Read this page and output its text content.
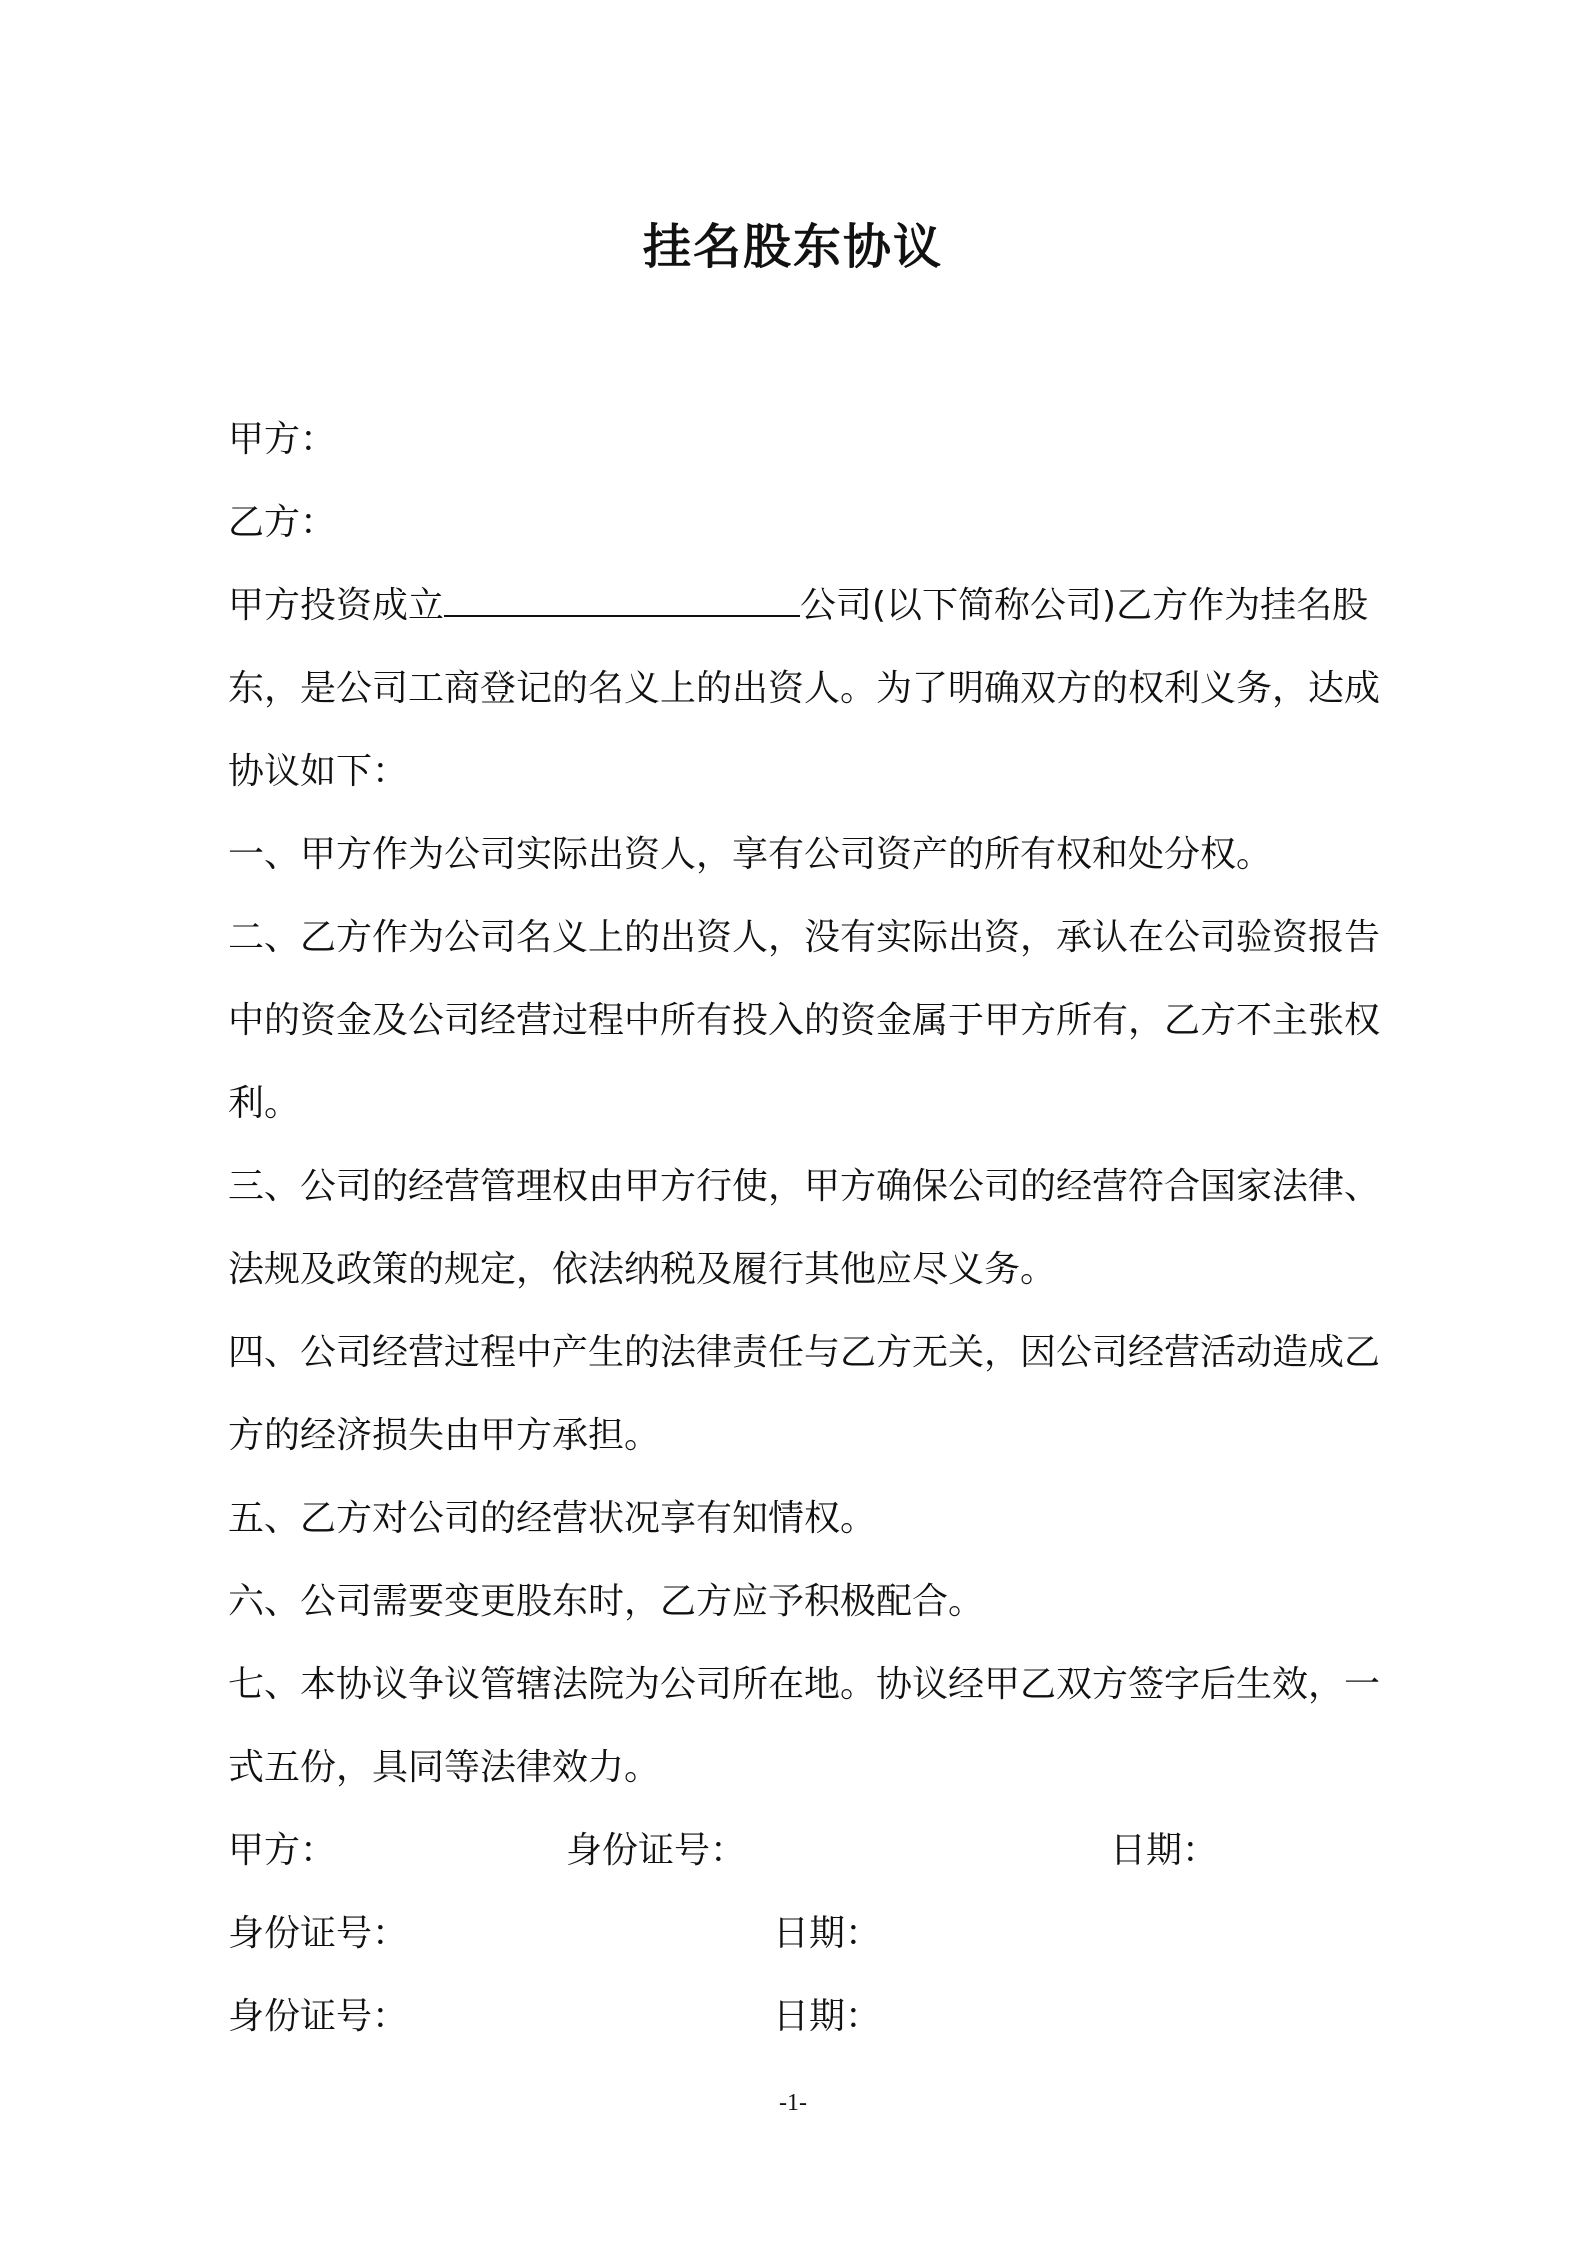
挂名股东协议
甲方：
乙方：
甲方投资成立	公司(以下简称公司)乙方作为挂名股
东，是公司工商登记的名义上的出资人。为了明确双方的权利义务，达成
协议如下：
一、甲方作为公司实际出资人，享有公司资产的所有权和处分权。
二、乙方作为公司名义上的出资人，没有实际出资，承认在公司验资报告
中的资金及公司经营过程中所有投入的资金属于甲方所有，乙方不主张权
利。
三、公司的经营管理权由甲方行使，甲方确保公司的经营符合国家法律、
法规及政策的规定，依法纳税及履行其他应尽义务。
四、公司经营过程中产生的法律责任与乙方无关，因公司经营活动造成乙
方的经济损失由甲方承担。
五、乙方对公司的经营状况享有知情权。
六、公司需要变更股东时，乙方应予积极配合。
七、本协议争议管辖法院为公司所在地。协议经甲乙双方签字后生效，一
式五份，具同等法律效力。
甲方：	身份证号：	日期：
身份证号：	日期：
身份证号：	日期：
-1-
